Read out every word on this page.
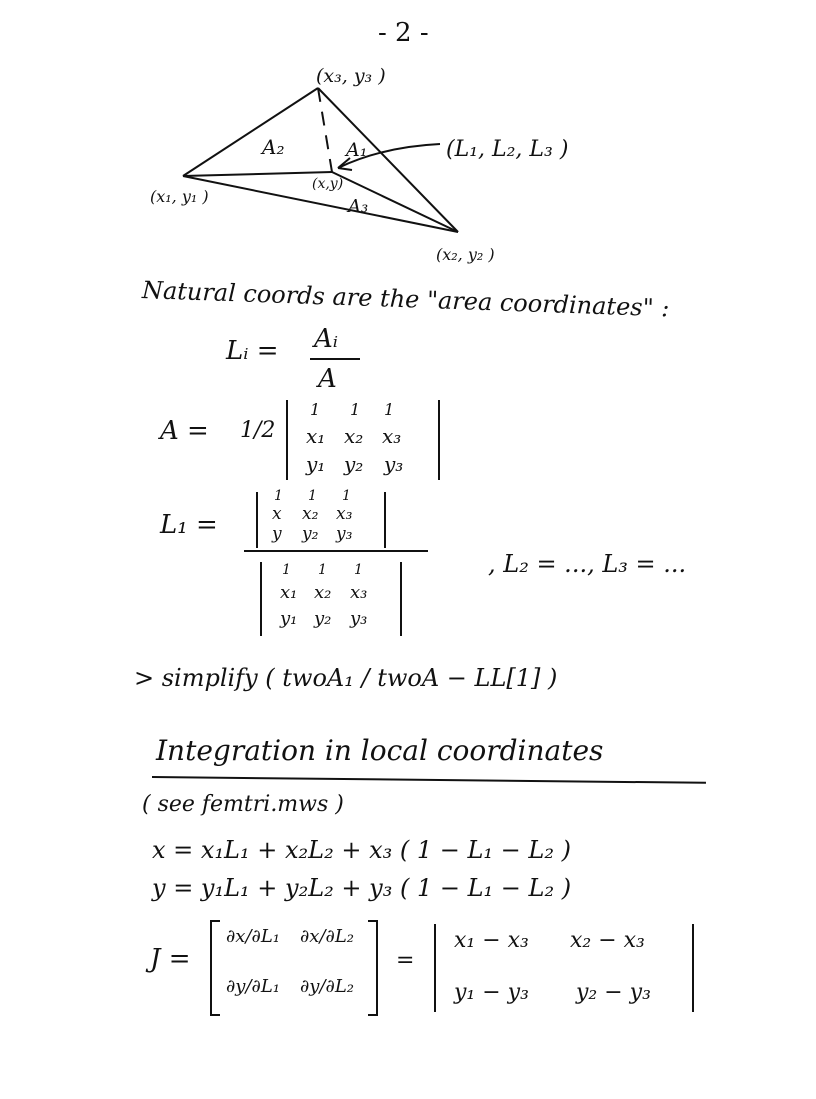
- 2 -
(x₃, y₃ )
(x₁, y₁ )
(x₂, y₂ )
(x,y)
A₂	A₁
A₃
(L₁, L₂, L₃ )
Natural coords are the "area coordinates" :
Lᵢ = Aᵢ
A
A = 1/2
1 1 1
x₁ x₂ x₃
y₁ y₂ y₃
L₁ =
1 1 1
x x₂ x₃
y y₂ y₃
1 1 1
x₁ x₂ x₃
y₁ y₂ y₃
, L₂ = ..., L₃ = ...
> simplify ( twoA₁ / twoA − LL[1] )
Integration in local coordinates
( see femtri.mws )
x = x₁L₁ + x₂L₂ + x₃ ( 1 − L₁ − L₂ )
y = y₁L₁ + y₂L₂ + y₃ ( 1 − L₁ − L₂ )
J =
∂x/∂L₁ ∂x/∂L₂
∂y/∂L₁ ∂y/∂L₂
=
x₁ − x₃ x₂ − x₃
y₁ − y₃ y₂ − y₃
